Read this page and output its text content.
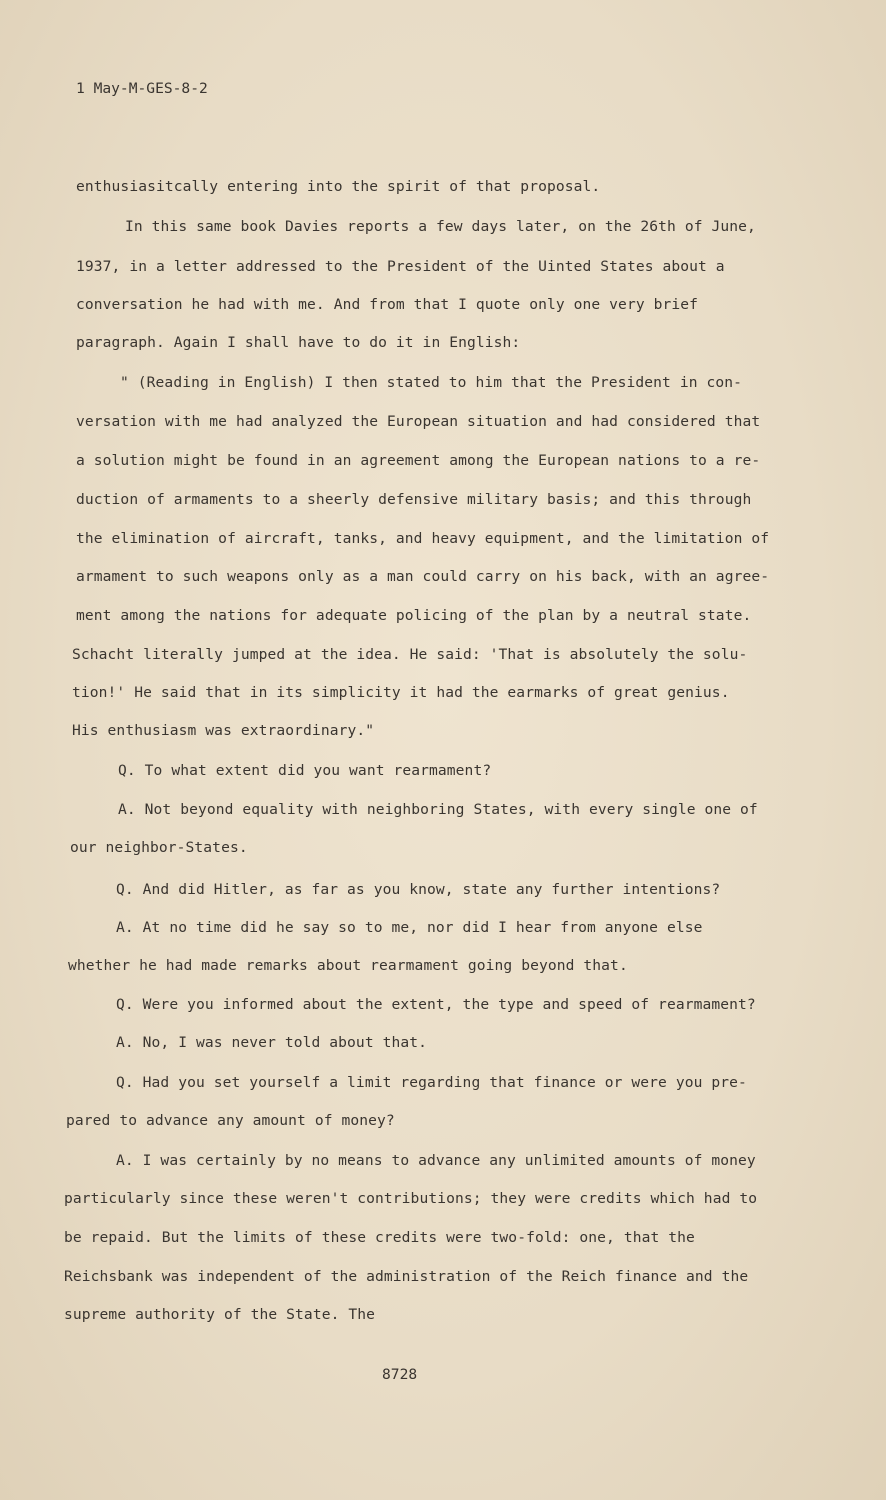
1 May-M-GES-8-2
enthusiasitcally entering into the spirit of that proposal.
In this same book Davies reports a few days later, on the 26th of June,
1937, in a letter addressed to the President of the Uinted States about a
conversation he had with me. And from that I quote only one very brief
paragraph. Again I shall have to do it in English:
" (Reading in English) I then stated to him that the President in con-
versation with me had analyzed the European situation and had considered that
a solution might be found in an agreement among the European nations to a re-
duction of armaments to a sheerly defensive military basis; and this through
the elimination of aircraft, tanks, and heavy equipment, and the limitation of
armament to such weapons only as a man could carry on his back, with an agree-
ment among the nations for adequate policing of the plan by a neutral state.
Schacht literally jumped at the idea. He said: 'That is absolutely the solu-
tion!' He said that in its simplicity it had the earmarks of great genius.
His enthusiasm was extraordinary."
Q. To what extent did you want rearmament?
A. Not beyond equality with neighboring States, with every single one of
our neighbor-States.
Q. And did Hitler, as far as you know, state any further intentions?
A. At no time did he say so to me, nor did I hear from anyone else
whether he had made remarks about rearmament going beyond that.
Q. Were you informed about the extent, the type and speed of rearmament?
A. No, I was never told about that.
Q. Had you set yourself a limit regarding that finance or were you pre-
pared to advance any amount of money?
A. I was certainly by no means to advance any unlimited amounts of money
particularly since these weren't contributions; they were credits which had to
be repaid. But the limits of these credits were two-fold: one, that the
Reichsbank was independent of the administration of the Reich finance and the
supreme authority of the State. The
8728
